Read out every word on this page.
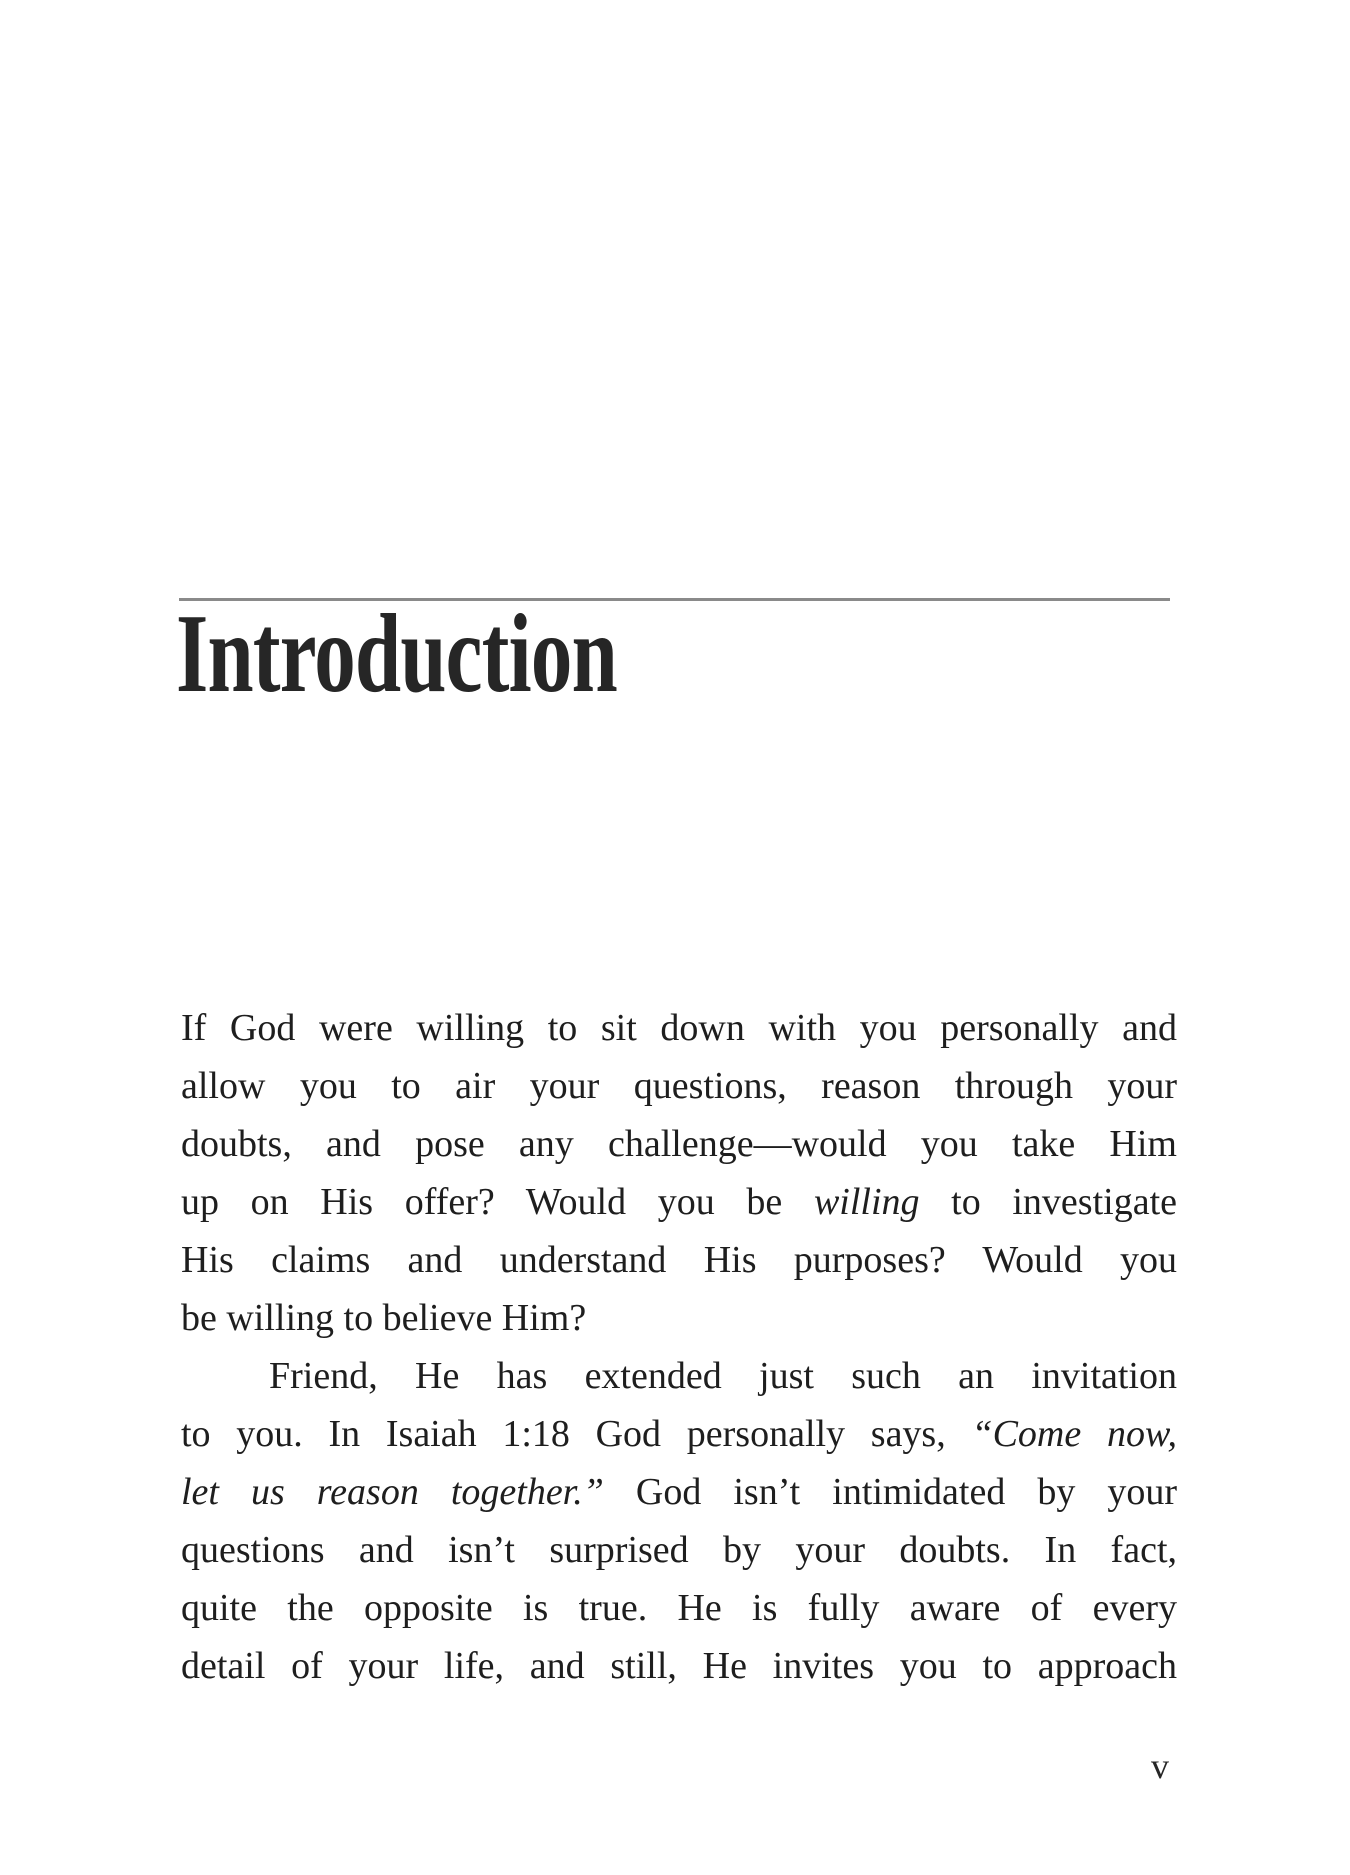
Introduction
If God were willing to sit down with you personally and
allow you to air your questions, reason through your
doubts, and pose any challenge—would you take Him
up on His offer? Would you be willing to investigate
His claims and understand His purposes? Would you
be willing to believe Him?
Friend, He has extended just such an invitation
to you. In Isaiah 1:18 God personally says, “Come now,
let us reason together.” God isn’t intimidated by your
questions and isn’t surprised by your doubts. In fact,
quite the opposite is true. He is fully aware of every
detail of your life, and still, He invites you to approach
v
